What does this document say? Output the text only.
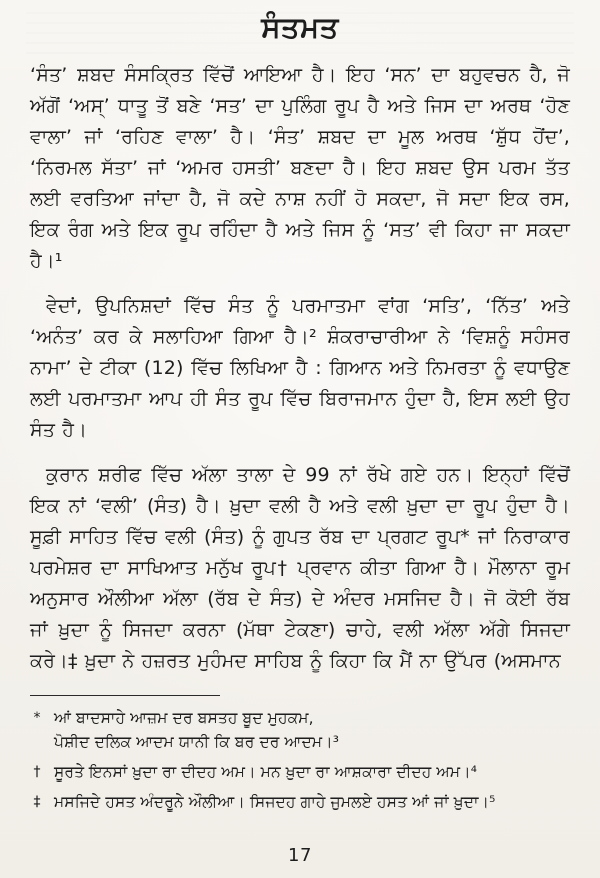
ਸੰਤਮਤ

‘ਸੰਤ’ ਸ਼ਬਦ ਸੰਸਕ੍ਰਿਤ ਵਿੱਚੋਂ ਆਇਆ ਹੈ। ਇਹ ‘ਸਨ’ ਦਾ ਬਹੁਵਚਨ ਹੈ, ਜੋ ਅੱਗੋਂ ‘ਅਸ੍’ ਧਾਤੂ ਤੋਂ ਬਣੇ ‘ਸਤ’ ਦਾ ਪੁਲਿੰਗ ਰੂਪ ਹੈ ਅਤੇ ਜਿਸ ਦਾ ਅਰਥ ‘ਹੋਣ ਵਾਲਾ’ ਜਾਂ ‘ਰਹਿਣ ਵਾਲਾ’ ਹੈ। ‘ਸੰਤ’ ਸ਼ਬਦ ਦਾ ਮੂਲ ਅਰਥ ‘ਸ਼ੁੱਧ ਹੋਂਦ’, ‘ਨਿਰਮਲ ਸੱਤਾ’ ਜਾਂ ‘ਅਮਰ ਹਸਤੀ’ ਬਣਦਾ ਹੈ। ਇਹ ਸ਼ਬਦ ਉਸ ਪਰਮ ਤੱਤ ਲਈ ਵਰਤਿਆ ਜਾਂਦਾ ਹੈ, ਜੋ ਕਦੇ ਨਾਸ਼ ਨਹੀਂ ਹੋ ਸਕਦਾ, ਜੋ ਸਦਾ ਇਕ ਰਸ, ਇਕ ਰੰਗ ਅਤੇ ਇਕ ਰੂਪ ਰਹਿੰਦਾ ਹੈ ਅਤੇ ਜਿਸ ਨੂੰ ‘ਸਤ’ ਵੀ ਕਿਹਾ ਜਾ ਸਕਦਾ ਹੈ।¹

ਵੇਦਾਂ, ਉਪਨਿਸ਼ਦਾਂ ਵਿੱਚ ਸੰਤ ਨੂੰ ਪਰਮਾਤਮਾ ਵਾਂਗ ‘ਸਤਿ’, ‘ਨਿੱਤ’ ਅਤੇ ‘ਅਨੰਤ’ ਕਰ ਕੇ ਸਲਾਹਿਆ ਗਿਆ ਹੈ।² ਸ਼ੰਕਰਾਚਾਰੀਆ ਨੇ ‘ਵਿਸ਼ਨੂੰ ਸਹੰਸਰ ਨਾਮਾ’ ਦੇ ਟੀਕਾ (12) ਵਿੱਚ ਲਿਖਿਆ ਹੈ : ਗਿਆਨ ਅਤੇ ਨਿਮਰਤਾ ਨੂੰ ਵਧਾਉਣ ਲਈ ਪਰਮਾਤਮਾ ਆਪ ਹੀ ਸੰਤ ਰੂਪ ਵਿੱਚ ਬਿਰਾਜਮਾਨ ਹੁੰਦਾ ਹੈ, ਇਸ ਲਈ ਉਹ ਸੰਤ ਹੈ।

ਕੁਰਾਨ ਸ਼ਰੀਫ ਵਿੱਚ ਅੱਲਾ ਤਾਲਾ ਦੇ 99 ਨਾਂ ਰੱਖੇ ਗਏ ਹਨ। ਇਨ੍ਹਾਂ ਵਿੱਚੋਂ ਇਕ ਨਾਂ ‘ਵਲੀ’ (ਸੰਤ) ਹੈ। ਖ਼ੁਦਾ ਵਲੀ ਹੈ ਅਤੇ ਵਲੀ ਖ਼ੁਦਾ ਦਾ ਰੂਪ ਹੁੰਦਾ ਹੈ। ਸੂਫ਼ੀ ਸਾਹਿਤ ਵਿੱਚ ਵਲੀ (ਸੰਤ) ਨੂੰ ਗੁਪਤ ਰੱਬ ਦਾ ਪ੍ਰਗਟ ਰੂਪ* ਜਾਂ ਨਿਰਾਕਾਰ ਪਰਮੇਸ਼ਰ ਦਾ ਸਾਖਿਆਤ ਮਨੁੱਖ ਰੂਪ† ਪ੍ਰਵਾਨ ਕੀਤਾ ਗਿਆ ਹੈ। ਮੌਲਾਨਾ ਰੂਮ ਅਨੁਸਾਰ ਔਲੀਆ ਅੱਲਾ (ਰੱਬ ਦੇ ਸੰਤ) ਦੇ ਅੰਦਰ ਮਸਜਿਦ ਹੈ। ਜੋ ਕੋਈ ਰੱਬ ਜਾਂ ਖ਼ੁਦਾ ਨੂੰ ਸਿਜਦਾ ਕਰਨਾ (ਮੱਥਾ ਟੇਕਣਾ) ਚਾਹੇ, ਵਲੀ ਅੱਲਾ ਅੱਗੇ ਸਿਜਦਾ ਕਰੇ।‡ ਖ਼ੁਦਾ ਨੇ ਹਜ਼ਰਤ ਮੁਹੰਮਦ ਸਾਹਿਬ ਨੂੰ ਕਿਹਾ ਕਿ ਮੈਂ ਨਾ ਉੱਪਰ (ਅਸਮਾਨ

* ਆਂ ਬਾਦਸਾਹੇ ਆਜ਼ਮ ਦਰ ਬਸਤਹ ਬੂਦ ਮੁਹਕਮ,
ਪੋਸ਼ੀਦ ਦਲਿਕ ਆਦਮ ਯਾਨੀ ਕਿ ਬਰ ਦਰ ਆਦਮ।³
† ਸੂਰਤੇ ਇਨਸਾਂ ਖ਼ੁਦਾ ਰਾ ਦੀਦਹ ਅਮ। ਮਨ ਖ਼ੁਦਾ ਰਾ ਆਸ਼ਕਾਰਾ ਦੀਦਹ ਅਮ।⁴
‡ ਮਸਜਿਦੇ ਹਸਤ ਅੰਦਰੂਨੇ ਔਲੀਆ। ਸਿਜਦਹ ਗਾਹੇ ਜੁਮਲਏ ਹਸਤ ਆਂ ਜਾਂ ਖ਼ੁਦਾ।⁵
17
